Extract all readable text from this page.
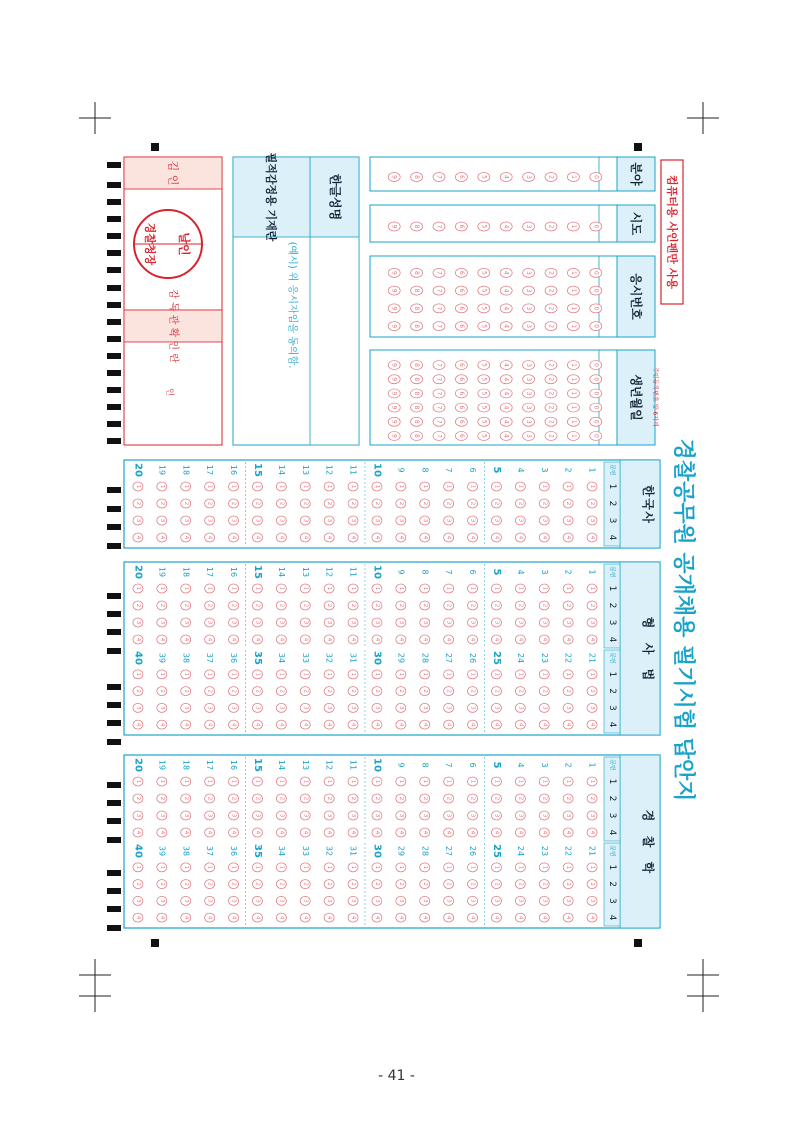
경찰공무원 공개채용 필기시험 답안지
컴퓨터용 사인펜만 사용
분야
0
1
2
3
4
5
6
7
8
9
시도
0
1
2
3
4
5
6
7
8
9
응시번호
0
0
0
0
1
1
1
1
2
2
2
2
3
3
3
3
4
4
4
4
5
5
5
5
6
6
6
6
7
7
7
7
8
8
8
8
9
9
9
9
생년월일
0
0
0
0
0
0
1
1
1
1
1
1
2
2
2
2
2
2
3
3
3
3
3
3
4
4
4
4
4
4
5
5
5
5
5
5
6
6
6
6
6
6
7
7
7
7
7
7
8
8
8
8
8
8
9
9
9
9
9
9
주민등록번호 앞 6자리
한글성명
필적감정용 기재란
(예시) 위 응시자임을 동의함.
김 인
감 독 관 확 인 란
인
날인
경찰청장
한
국
사
문번
1
2
3
4
1
1
2
3
4
2
1
2
3
4
3
1
2
3
4
4
1
2
3
4
5
1
2
3
4
6
1
2
3
4
7
1
2
3
4
8
1
2
3
4
9
1
2
3
4
10
1
2
3
4
11
1
2
3
4
12
1
2
3
4
13
1
2
3
4
14
1
2
3
4
15
1
2
3
4
16
1
2
3
4
17
1
2
3
4
18
1
2
3
4
19
1
2
3
4
20
1
2
3
4
형
사
법
문번
1
2
3
4
1
1
2
3
4
2
1
2
3
4
3
1
2
3
4
4
1
2
3
4
5
1
2
3
4
6
1
2
3
4
7
1
2
3
4
8
1
2
3
4
9
1
2
3
4
10
1
2
3
4
11
1
2
3
4
12
1
2
3
4
13
1
2
3
4
14
1
2
3
4
15
1
2
3
4
16
1
2
3
4
17
1
2
3
4
18
1
2
3
4
19
1
2
3
4
20
1
2
3
4
문번
1
2
3
4
21
1
2
3
4
22
1
2
3
4
23
1
2
3
4
24
1
2
3
4
25
1
2
3
4
26
1
2
3
4
27
1
2
3
4
28
1
2
3
4
29
1
2
3
4
30
1
2
3
4
31
1
2
3
4
32
1
2
3
4
33
1
2
3
4
34
1
2
3
4
35
1
2
3
4
36
1
2
3
4
37
1
2
3
4
38
1
2
3
4
39
1
2
3
4
40
1
2
3
4
경
찰
학
문번
1
2
3
4
1
1
2
3
4
2
1
2
3
4
3
1
2
3
4
4
1
2
3
4
5
1
2
3
4
6
1
2
3
4
7
1
2
3
4
8
1
2
3
4
9
1
2
3
4
10
1
2
3
4
11
1
2
3
4
12
1
2
3
4
13
1
2
3
4
14
1
2
3
4
15
1
2
3
4
16
1
2
3
4
17
1
2
3
4
18
1
2
3
4
19
1
2
3
4
20
1
2
3
4
문번
1
2
3
4
21
1
2
3
4
22
1
2
3
4
23
1
2
3
4
24
1
2
3
4
25
1
2
3
4
26
1
2
3
4
27
1
2
3
4
28
1
2
3
4
29
1
2
3
4
30
1
2
3
4
31
1
2
3
4
32
1
2
3
4
33
1
2
3
4
34
1
2
3
4
35
1
2
3
4
36
1
2
3
4
37
1
2
3
4
38
1
2
3
4
39
1
2
3
4
40
1
2
3
4
- 41 -
